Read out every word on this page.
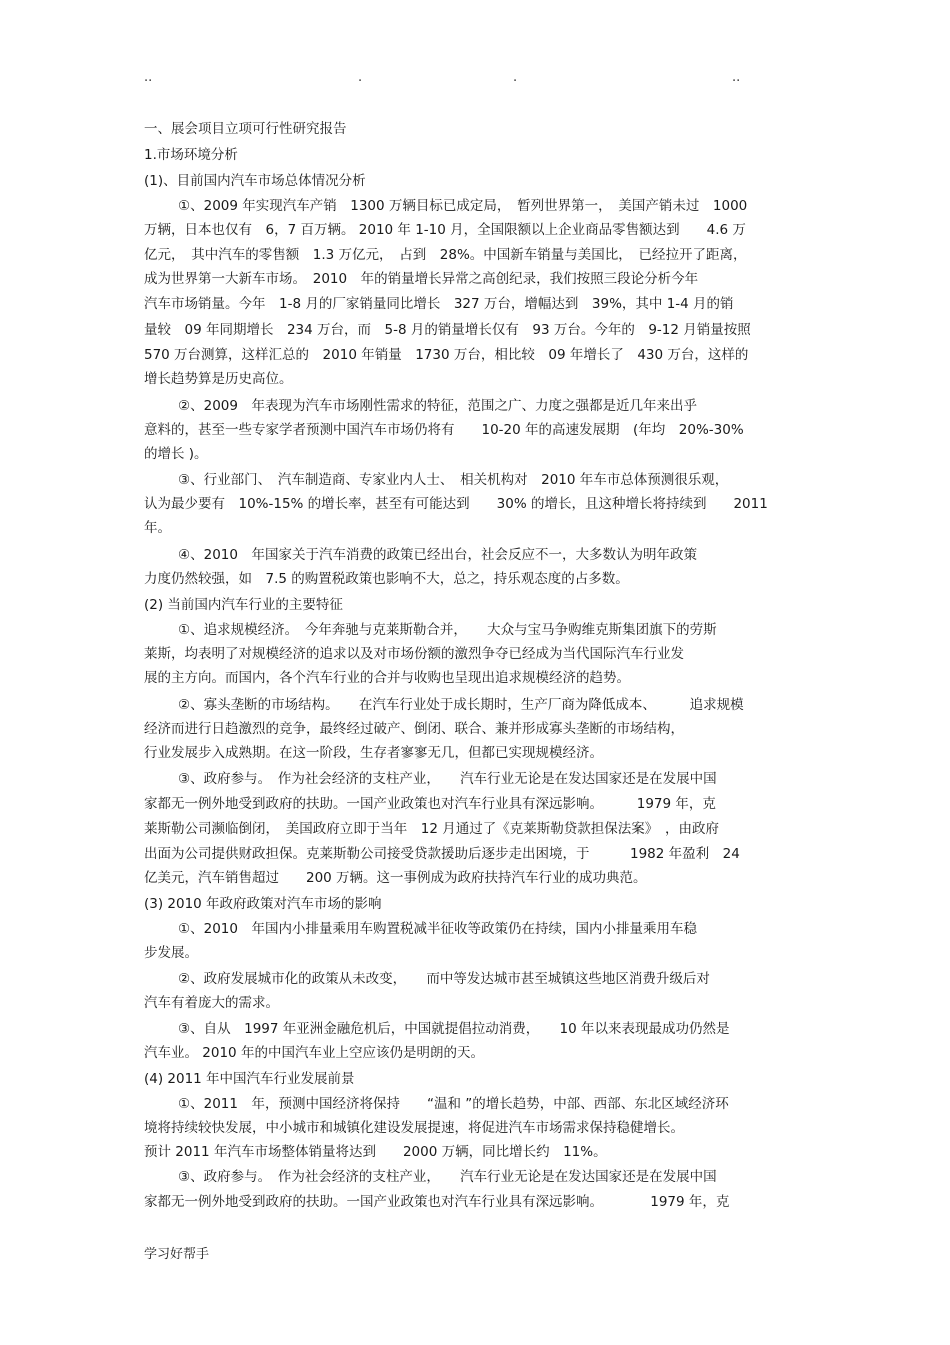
..	.	.	..
一、展会项目立项可行性研究报告
1.市场环境分析
(1)、目前国内汽车市场总体情况分析
①、2009 年实现汽车产销　1300 万辆目标已成定局，　暂列世界第一，　美国产销未过　1000
万辆，日本也仅有　6，7 百万辆。 2010 年 1-10 月，全国限额以上企业商品零售额达到　　4.6 万
亿元，　其中汽车的零售额　1.3 万亿元，　占到　28%。中国新车销量与美国比，　已经拉开了距离，
成为世界第一大新车市场。　2010　年的销量增长异常之高创纪录，我们按照三段论分析今年
汽车市场销量。今年　1-8 月的厂家销量同比增长　327 万台，增幅达到　39%，其中 1-4 月的销
量较　09 年同期增长　234 万台，而　5-8 月的销量增长仅有　93 万台。今年的　9-12 月销量按照
570 万台测算，这样汇总的　2010 年销量　1730 万台，相比较　09 年增长了　430 万台，这样的
增长趋势算是历史高位。
②、2009　年表现为汽车市场刚性需求的特征，范围之广、力度之强都是近几年来出乎
意料的，甚至一些专家学者预测中国汽车市场仍将有　　10-20 年的高速发展期　(年均　20%-30%
的增长 )。
③、行业部门、　汽车制造商、专家业内人士、　相关机构对　2010 年车市总体预测很乐观，
认为最少要有　10%-15% 的增长率，甚至有可能达到　　30% 的增长，且这种增长将持续到　　2011
年。
④、2010　年国家关于汽车消费的政策已经出台，社会反应不一，大多数认为明年政策
力度仍然较强，如　7.5 的购置税政策也影响不大，总之，持乐观态度的占多数。
(2) 当前国内汽车行业的主要特征
①、追求规模经济。　今年奔驰与克莱斯勒合并，　　大众与宝马争购维克斯集团旗下的劳斯
莱斯，均表明了对规模经济的追求以及对市场份额的激烈争夺已经成为当代国际汽车行业发
展的主方向。而国内，各个汽车行业的合并与收购也呈现出追求规模经济的趋势。
②、寡头垄断的市场结构。　　在汽车行业处于成长期时，生产厂商为降低成本、　　　追求规模
经济而进行日趋激烈的竞争，最终经过破产、倒闭、联合、兼并形成寡头垄断的市场结构，
行业发展步入成熟期。在这一阶段，生存者寥寥无几，但都已实现规模经济。
③、政府参与。　作为社会经济的支柱产业，　　汽车行业无论是在发达国家还是在发展中国
家都无一例外地受到政府的扶助。一国产业政策也对汽车行业具有深远影响。　　　1979 年，克
莱斯勒公司濒临倒闭，　美国政府立即于当年　12 月通过了《克莱斯勒贷款担保法案》　，由政府
出面为公司提供财政担保。克莱斯勒公司接受贷款援助后逐步走出困境，于　　　1982 年盈利　24
亿美元，汽车销售超过　　200 万辆。这一事例成为政府扶持汽车行业的成功典范。
(3) 2010 年政府政策对汽车市场的影响
①、2010　年国内小排量乘用车购置税减半征收等政策仍在持续，国内小排量乘用车稳
步发展。
②、政府发展城市化的政策从未改变，　　而中等发达城市甚至城镇这些地区消费升级后对
汽车有着庞大的需求。
③、自从　1997 年亚洲金融危机后，中国就提倡拉动消费，　　10 年以来表现最成功仍然是
汽车业。 2010 年的中国汽车业上空应该仍是明朗的天。
(4) 2011 年中国汽车行业发展前景
①、2011　年，预测中国经济将保持　　“温和 ”的增长趋势，中部、西部、东北区域经济环
境将持续较快发展，中小城市和城镇化建设发展提速，将促进汽车市场需求保持稳健增长。
预计 2011 年汽车市场整体销量将达到　　2000 万辆，同比增长约　11%。
③、政府参与。　作为社会经济的支柱产业，　　汽车行业无论是在发达国家还是在发展中国
家都无一例外地受到政府的扶助。一国产业政策也对汽车行业具有深远影响。　　　　1979 年，克
学习好帮手
